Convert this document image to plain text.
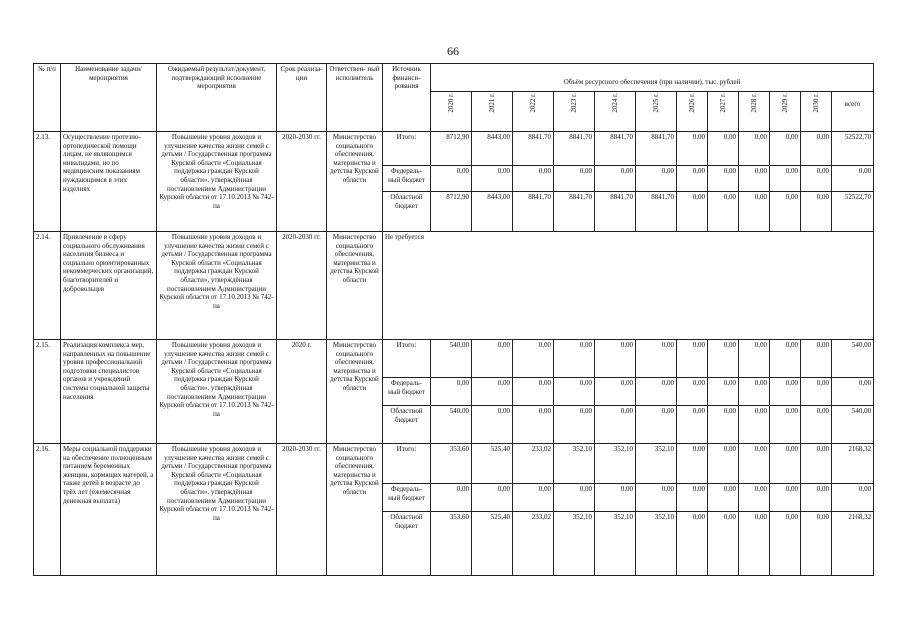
66
№ п/п	Наименование задачи/мероприятия	Ожидаемый результат/документ, подтверждающий исполнение мероприятия	Срок реализа- ции	Ответствен- ный исполнитель	Источник финанси- рования	Объём ресурсного обеспечения (при наличии), тыс. рублей											
						2020 г.	2021 г.	2022 г.	2023 г.	2024 г.	2025 г.	2026 г.	2027 г.	2028 г.	2029 г.	2030 г.	всего
2.13.	Осуществление протезно-ортопедической помощи лицам, не являющимся инвалидами, но по медицинским показаниям нуждающимся в этих изделиях	Повышение уровня доходов и улучшение качества жизни семей с детьми / Государственная программа Курской области «Социальная поддержка граждан Курской области», утверждённая постановлением Администрации Курской области от 17.10.2013 № 742-па	2020-2030 гг.	Министерство социального обеспечения, материнства и детства Курской области	Итого:	8712,90	8443,00	8841,70	8841,70	8841,70	8841,70	0,00	0,00	0,00	0,00	0,00	52522,70
					Федераль- ный бюджет	0,00	0,00	0,00	0,00	0,00	0,00	0,00	0,00	0,00	0,00	0,00	0,00
					Областной бюджет	8712,90	8443,00	8841,70	8841,70	8841,70	8841,70	0,00	0,00	0,00	0,00	0,00	52522,70
2.14.	Привлечение в сферу социального обслуживания населения бизнеса и социально ориентированных некоммерческих организаций, благотворителей и добровольцев	Повышение уровня доходов и улучшение качества жизни семей с детьми / Государственная программа Курской области «Социальная поддержка граждан Курской области», утверждённая постановлением Администрации Курской области от 17.10.2013 № 742-па	2020-2030 гг.	Министерство социального обеспечения, материнства и детства Курской области	Не требуется												
2.15.	Реализация комплекса мер, направленных на повышение уровня профессиональной подготовки специалистов органов и учреждений системы социальной защиты населения	Повышение уровня доходов и улучшение качества жизни семей с детьми / Государственная программа Курской области «Социальная поддержка граждан Курской области», утверждённая постановлением Администрации Курской области от 17.10.2013 № 742-па	2020 г.	Министерство социального обеспечения, материнства и детства Курской области	Итого:	540,00	0,00	0,00	0,00	0,00	0,00	0,00	0,00	0,00	0,00	0,00	540,00
					Федераль- ный бюджет	0,00	0,00	0,00	0,00	0,00	0,00	0,00	0,00	0,00	0,00	0,00	0,00
					Областной бюджет	540,00	0,00	0,00	0,00	0,00	0,00	0,00	0,00	0,00	0,00	0,00	540,00
2.16.	Меры социальной поддержки на обеспечение полноценным питанием беременных женщин, кормящих матерей, а также детей в возрасте до трёх лет (ежемесячная денежная выплата)	Повышение уровня доходов и улучшение качества жизни семей с детьми / Государственная программа Курской области «Социальная поддержка граждан Курской области», утверждённая постановлением Администрации Курской области от 17.10.2013 № 742-па	2020-2030 гг.	Министерство социального обеспечения, материнства и детства Курской области	Итого:	353,60	525,40	233,02	352,10	352,10	352,10	0,00	0,00	0,00	0,00	0,00	2168,32
					Федераль- ный бюджет	0,00	0,00	0,00	0,00	0,00	0,00	0,00	0,00	0,00	0,00	0,00	0,00
					Областной бюджет	353,60	525,40	233,02	352,10	352,10	352,10	0,00	0,00	0,00	0,00	0,00	2168,32
